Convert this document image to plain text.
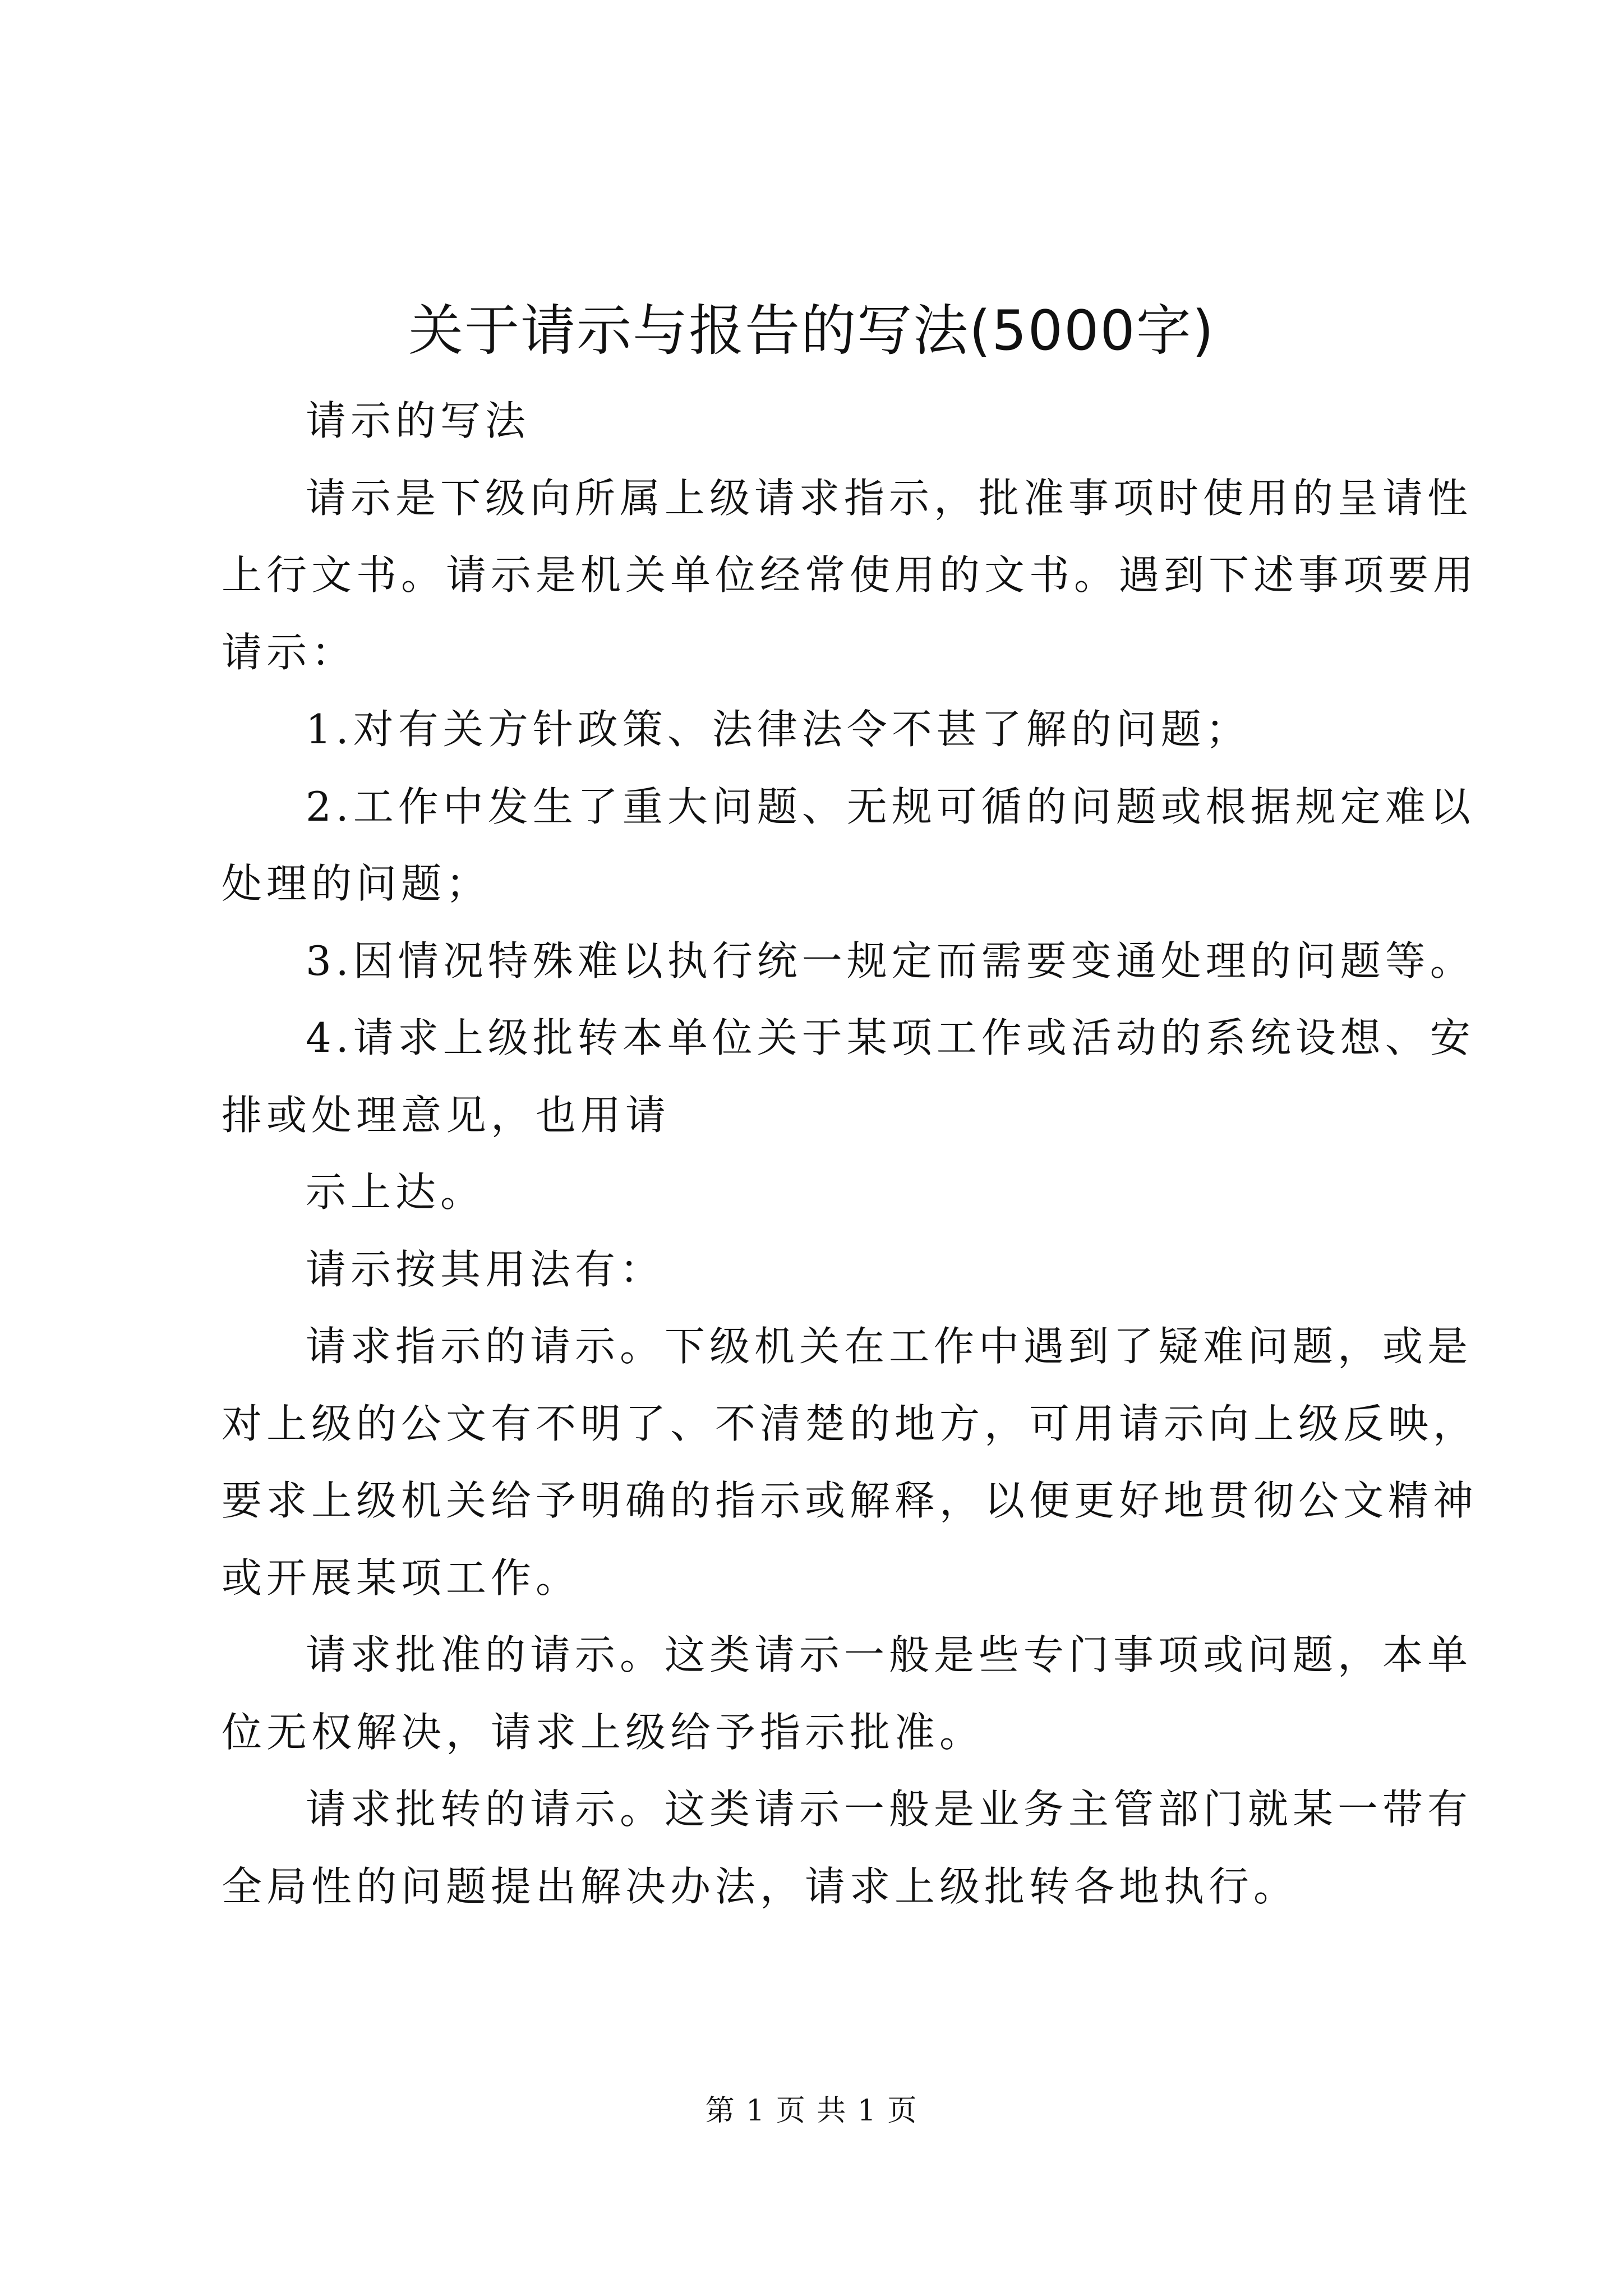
关于请示与报告的写法(5000字)
请示的写法
请示是下级向所属上级请求指示，批准事项时使用的呈请性
上行文书。请示是机关单位经常使用的文书。遇到下述事项要用
请示：
1.对有关方针政策、法律法令不甚了解的问题；
2.工作中发生了重大问题、无规可循的问题或根据规定难以
处理的问题；
3.因情况特殊难以执行统一规定而需要变通处理的问题等。
4.请求上级批转本单位关于某项工作或活动的系统设想、安
排或处理意见，也用请
示上达。
请示按其用法有：
请求指示的请示。下级机关在工作中遇到了疑难问题，或是
对上级的公文有不明了、不清楚的地方，可用请示向上级反映，
要求上级机关给予明确的指示或解释，以便更好地贯彻公文精神
或开展某项工作。
请求批准的请示。这类请示一般是些专门事项或问题，本单
位无权解决，请求上级给予指示批准。
请求批转的请示。这类请示一般是业务主管部门就某一带有
全局性的问题提出解决办法，请求上级批转各地执行。
第 1 页 共 1 页
